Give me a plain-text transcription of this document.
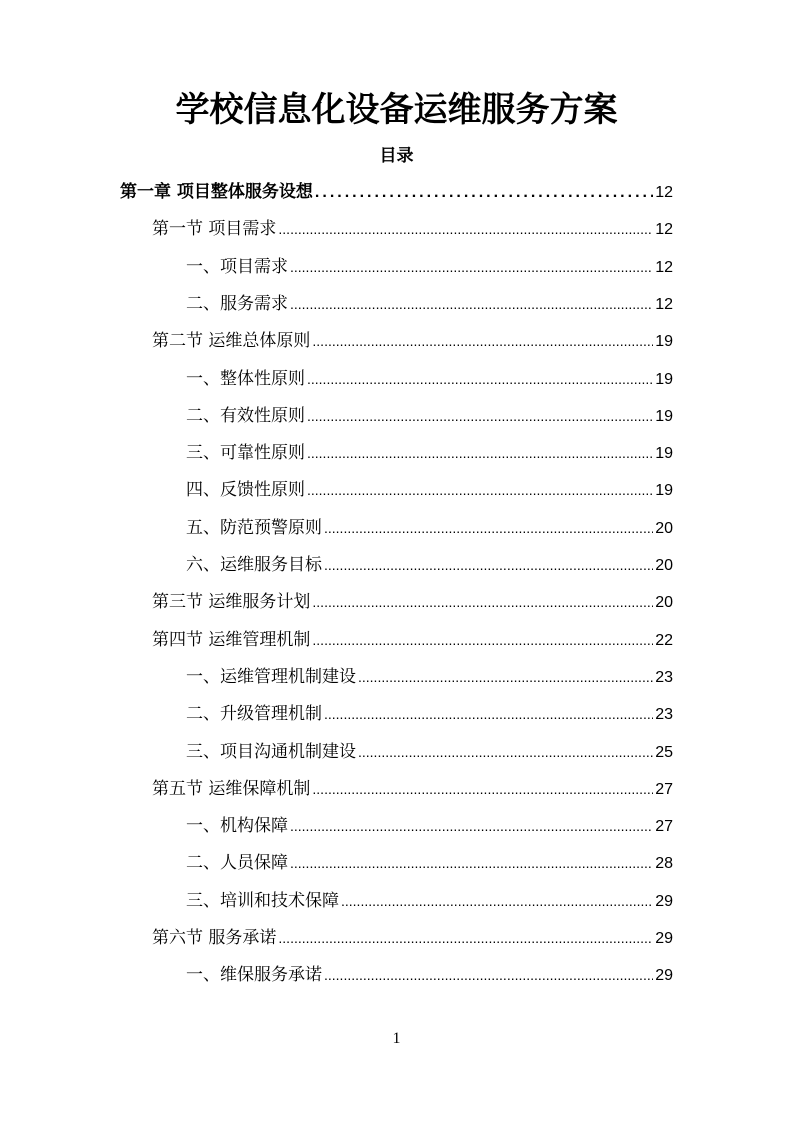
学校信息化设备运维服务方案
目录
第一章 项目整体服务设想 .....	12
第一节 项目需求 .....	12
一、项目需求 .....	12
二、服务需求 .....	12
第二节 运维总体原则 .....	19
一、整体性原则 .....	19
二、有效性原则 .....	19
三、可靠性原则 .....	19
四、反馈性原则 .....	19
五、防范预警原则 .....	20
六、运维服务目标 .....	20
第三节 运维服务计划 .....	20
第四节 运维管理机制 .....	22
一、运维管理机制建设 .....	23
二、升级管理机制 .....	23
三、项目沟通机制建设 .....	25
第五节 运维保障机制 .....	27
一、机构保障 .....	27
二、人员保障 .....	28
三、培训和技术保障 .....	29
第六节 服务承诺 .....	29
一、维保服务承诺 .....	29
1
